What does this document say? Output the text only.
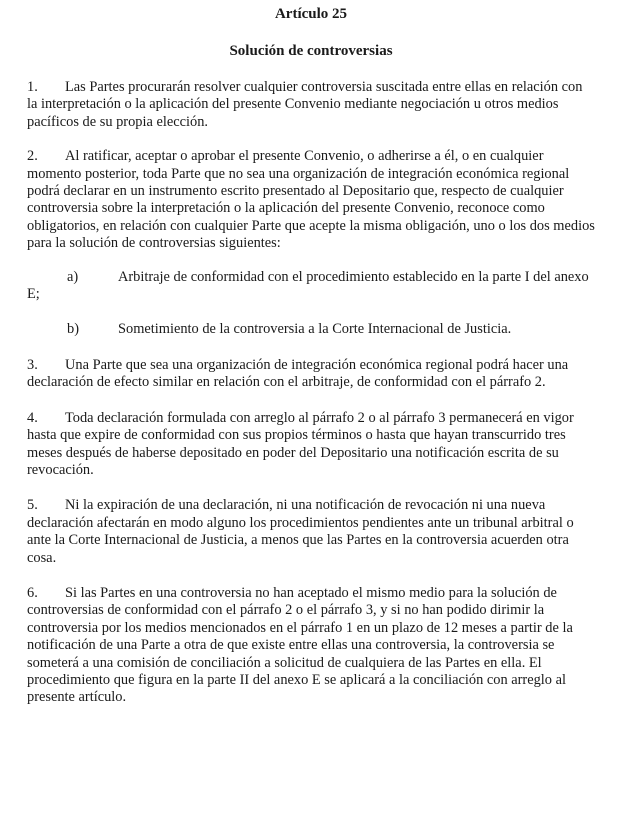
Artículo 25
Solución de controversias
1. Las Partes procurarán resolver cualquier controversia suscitada entre ellas en relación con la interpretación o la aplicación del presente Convenio mediante negociación u otros medios pacíficos de su propia elección.
2. Al ratificar, aceptar o aprobar el presente Convenio, o adherirse a él, o en cualquier momento posterior, toda Parte que no sea una organización de integración económica regional podrá declarar en un instrumento escrito presentado al Depositario que, respecto de cualquier controversia sobre la interpretación o la aplicación del presente Convenio, reconoce como obligatorios, en relación con cualquier Parte que acepte la misma obligación, uno o los dos medios para la solución de controversias siguientes:
a)	Arbitraje de conformidad con el procedimiento establecido en la parte I del anexo E;
b)	Sometimiento de la controversia a la Corte Internacional de Justicia.
3. Una Parte que sea una organización de integración económica regional podrá hacer una declaración de efecto similar en relación con el arbitraje, de conformidad con el párrafo 2.
4. Toda declaración formulada con arreglo al párrafo 2 o al párrafo 3 permanecerá en vigor hasta que expire de conformidad con sus propios términos o hasta que hayan transcurrido tres meses después de haberse depositado en poder del Depositario una notificación escrita de su revocación.
5. Ni la expiración de una declaración, ni una notificación de revocación ni una nueva declaración afectarán en modo alguno los procedimientos pendientes ante un tribunal arbitral o ante la Corte Internacional de Justicia, a menos que las Partes en la controversia acuerden otra cosa.
6. Si las Partes en una controversia no han aceptado el mismo medio para la solución de controversias de conformidad con el párrafo 2 o el párrafo 3, y si no han podido dirimir la controversia por los medios mencionados en el párrafo 1 en un plazo de 12 meses a partir de la notificación de una Parte a otra de que existe entre ellas una controversia, la controversia se someterá a una comisión de conciliación a solicitud de cualquiera de las Partes en ella. El procedimiento que figura en la parte II del anexo E se aplicará a la conciliación con arreglo al presente artículo.
